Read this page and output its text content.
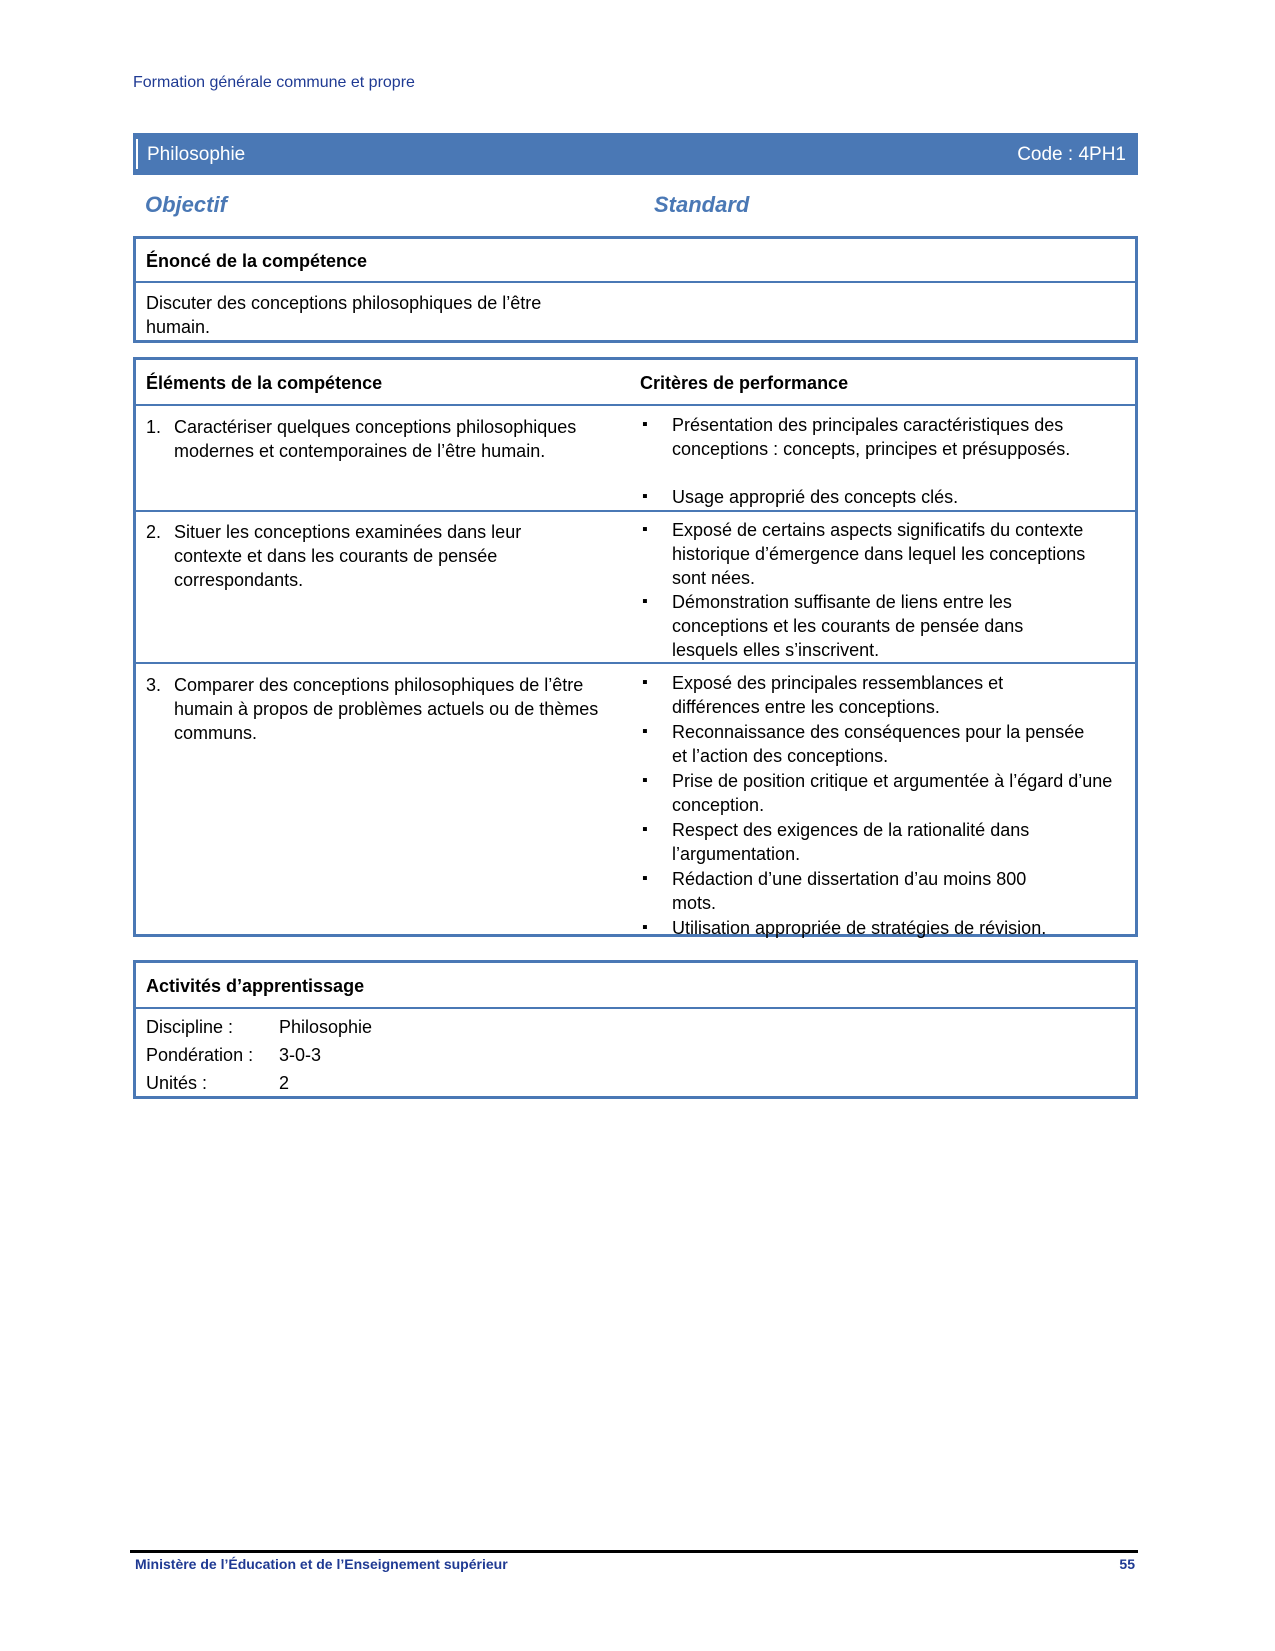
Formation générale commune et propre
Philosophie	Code : 4PH1
Objectif	Standard
Énoncé de la compétence
Discuter des conceptions philosophiques de l’être humain.
Éléments de la compétence	Critères de performance
1. Caractériser quelques conceptions philosophiques modernes et contemporaines de l’être humain.
▪ Présentation des principales caractéristiques des conceptions : concepts, principes et présupposés.
▪ Usage approprié des concepts clés.
2. Situer les conceptions examinées dans leur contexte et dans les courants de pensée correspondants.
▪ Exposé de certains aspects significatifs du contexte historique d’émergence dans lequel les conceptions sont nées.
▪ Démonstration suffisante de liens entre les conceptions et les courants de pensée dans lesquels elles s’inscrivent.
3. Comparer des conceptions philosophiques de l’être humain à propos de problèmes actuels ou de thèmes communs.
▪ Exposé des principales ressemblances et différences entre les conceptions.
▪ Reconnaissance des conséquences pour la pensée et l’action des conceptions.
▪ Prise de position critique et argumentée à l’égard d’une conception.
▪ Respect des exigences de la rationalité dans l’argumentation.
▪ Rédaction d’une dissertation d’au moins 800 mots.
▪ Utilisation appropriée de stratégies de révision.
Activités d’apprentissage
Discipline :	Philosophie
Pondération : 3-0-3
Unités :	2
Ministère de l’Éducation et de l’Enseignement supérieur	55
